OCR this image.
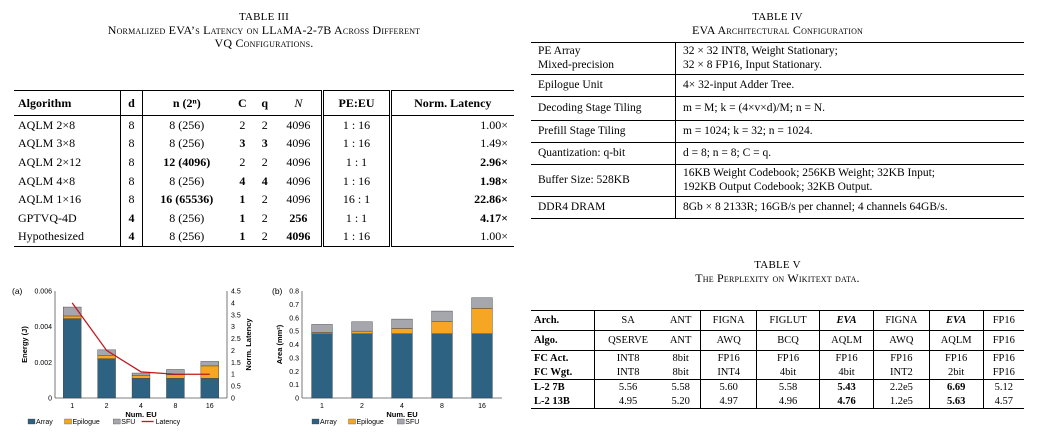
TABLE III
Normalized EVA’s Latency on LLaMA-2-7B Across Different
VQ Configurations.
Algorithm	d	n (2ⁿ)	C	q	N	PE:EU	Norm. Latency
AQLM 2×8	8	8 (256)	2	2	4096	1 : 16	1.00×
AQLM 3×8	8	8 (256)	3	3	4096	1 : 16	1.49×
AQLM 2×12	8	12 (4096)	2	2	4096	1 : 1	2.96×
AQLM 4×8	8	8 (256)	4	4	4096	1 : 16	1.98×
AQLM 1×16	8	16 (65536)	1	2	4096	16 : 1	22.86×
GPTVQ-4D	4	8 (256)	1	2	256	1 : 1	4.17×
Hypothesized	4	8 (256)	1	2	4096	1 : 16	1.00×
TABLE IV
EVA Architectural Configuration
PE Array
Mixed-precision	32 × 32 INT8, Weight Stationary;
32 × 8 FP16, Input Stationary.
Epilogue Unit	4× 32-input Adder Tree.
Decoding Stage Tiling	m = M; k = (4×v×d)/M; n = N.
Prefill Stage Tiling	m = 1024; k = 32; n = 1024.
Quantization: q-bit	d = 8; n = 8; C = q.
Buffer Size: 528KB	16KB Weight Codebook; 256KB Weight; 32KB Input;
192KB Output Codebook; 32KB Output.
DDR4 DRAM	8Gb × 8 2133R; 16GB/s per channel; 4 channels 64GB/s.
TABLE V
The Perplexity on Wikitext data.
Arch.	SA	ANT	FIGNA	FIGLUT	EVA	FIGNA	EVA	FP16
Algo.	QSERVE	ANT	AWQ	BCQ	AQLM	AWQ	AQLM	FP16
FC Act.	INT8	8bit	FP16	FP16	FP16	FP16	FP16	FP16
FC Wgt.	INT8	8bit	INT4	4bit	4bit	INT2	2bit	FP16
L-2 7B	5.56	5.58	5.60	5.58	5.43	2.2e5	6.69	5.12
L-2 13B	4.95	5.20	4.97	4.96	4.76	1.2e5	5.63	4.57
(a)
0
0.002
0.004
0.006
0
0.5
1
1.5
2
2.5
3
3.5
4
4.5
Energy (J)	Norm. Latency
1	2	4	8	16
Num. EU
Array	Epilogue	SFU	Latency
(b)
0
0.1
0.2
0.3
0.4
0.5
0.6
0.7
0.8
Area (mm²)
1	2	4	8	16
Num. EU
Array	Epilogue	SFU
